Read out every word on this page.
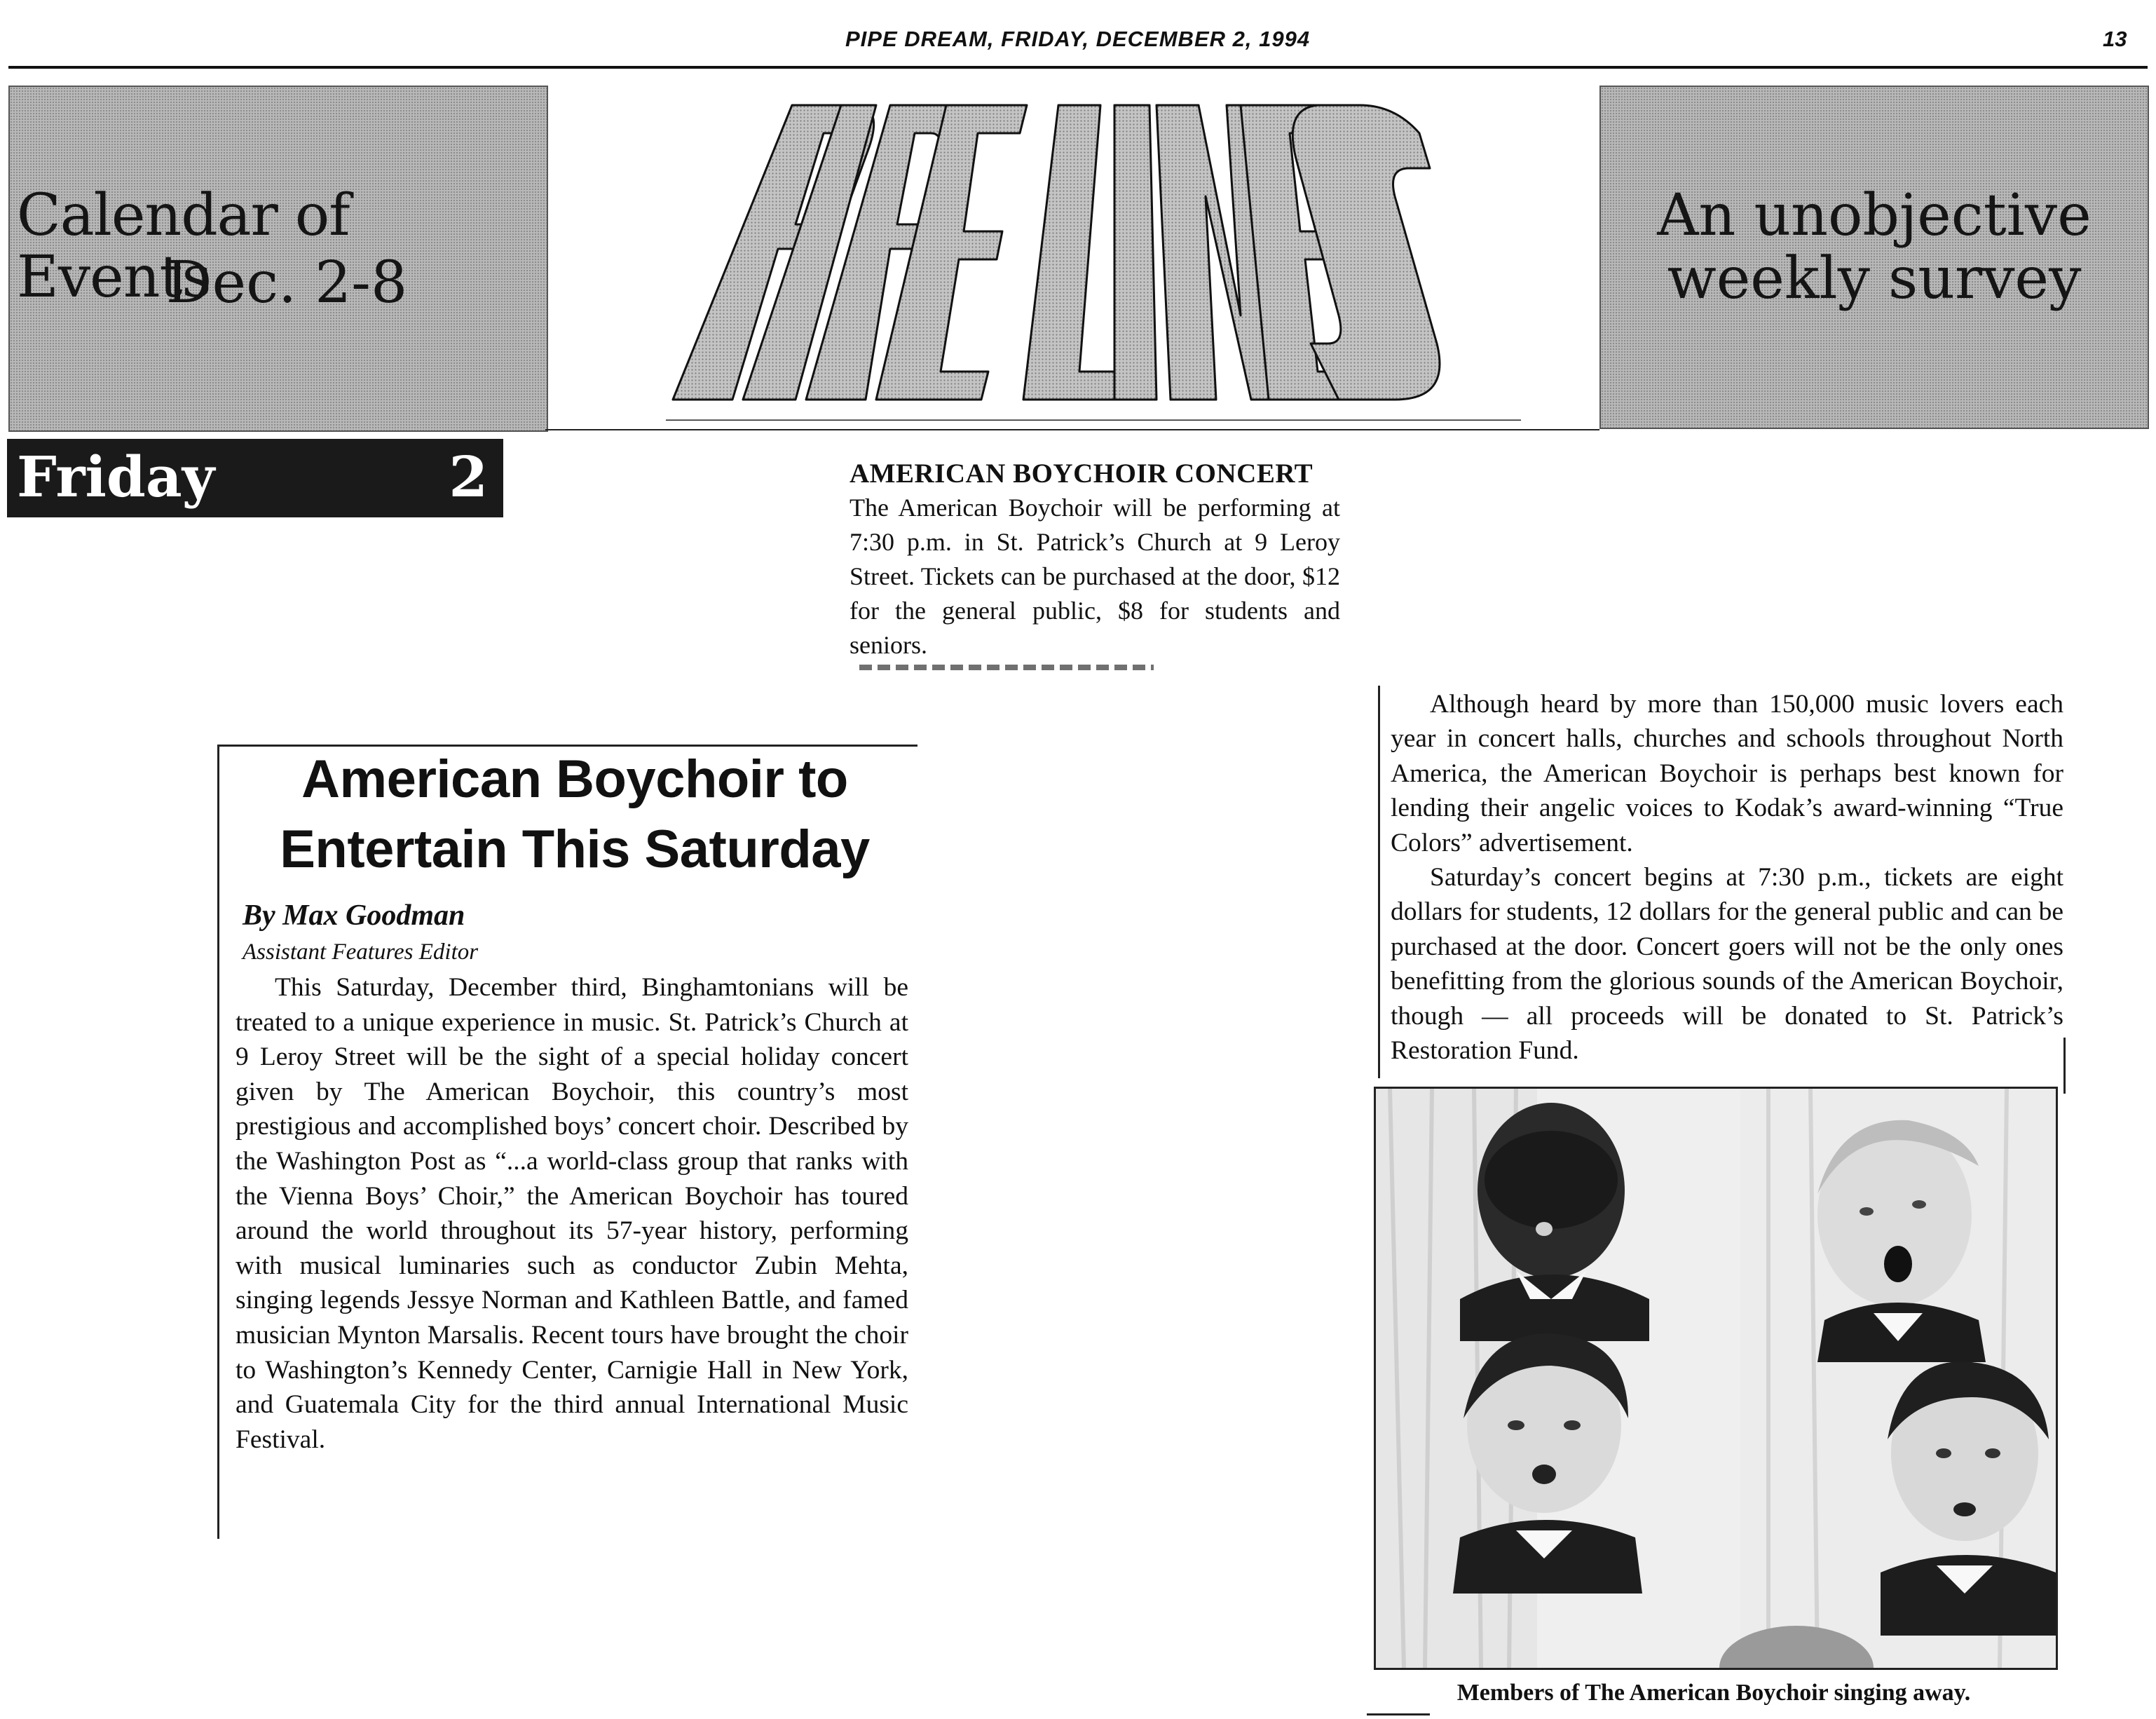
PIPE DREAM, FRIDAY, DECEMBER 2, 1994	13
Calendar of Events
Dec. 2-8
An unobjective
weekly survey
Friday	2	AMERICAN BOYCHOIR CONCERT
The American Boychoir will be performing at 7:30 p.m. in St. Patrick’s Church at 9 Leroy Street. Tickets can be purchased at the door, $12 for the general public, $8 for students and seniors.
American Boychoir to
Entertain This Saturday
By Max Goodman
Assistant Features Editor
This Saturday, December third, Binghamtonians will be treated to a unique experience in music. St. Patrick’s Church at 9 Leroy Street will be the sight of a special holiday concert given by The American Boychoir, this country’s most prestigious and accomplished boys’ concert choir. Described by the Washington Post as “...a world-class group that ranks with the Vienna Boys’ Choir,” the American Boychoir has toured around the world throughout its 57-year history, performing with musical luminaries such as conductor Zubin Mehta, singing legends Jessye Norman and Kathleen Battle, and famed musician Mynton Marsalis. Recent tours have brought the choir to Washington’s Kennedy Center, Carnigie Hall in New York, and Guatemala City for the third annual International Music Festival.

Although heard by more than 150,000 music lovers each year in concert halls, churches and schools throughout North America, the American Boychoir is perhaps best known for lending their angelic voices to Kodak’s award-winning “True Colors” advertisement.

Saturday’s concert begins at 7:30 p.m., tickets are eight dollars for students, 12 dollars for the general public and can be purchased at the door. Concert goers will not be the only ones benefitting from the glorious sounds of the American Boychoir, though — all proceeds will be donated to St. Patrick’s Restoration Fund.

Members of The American Boychoir singing away.
